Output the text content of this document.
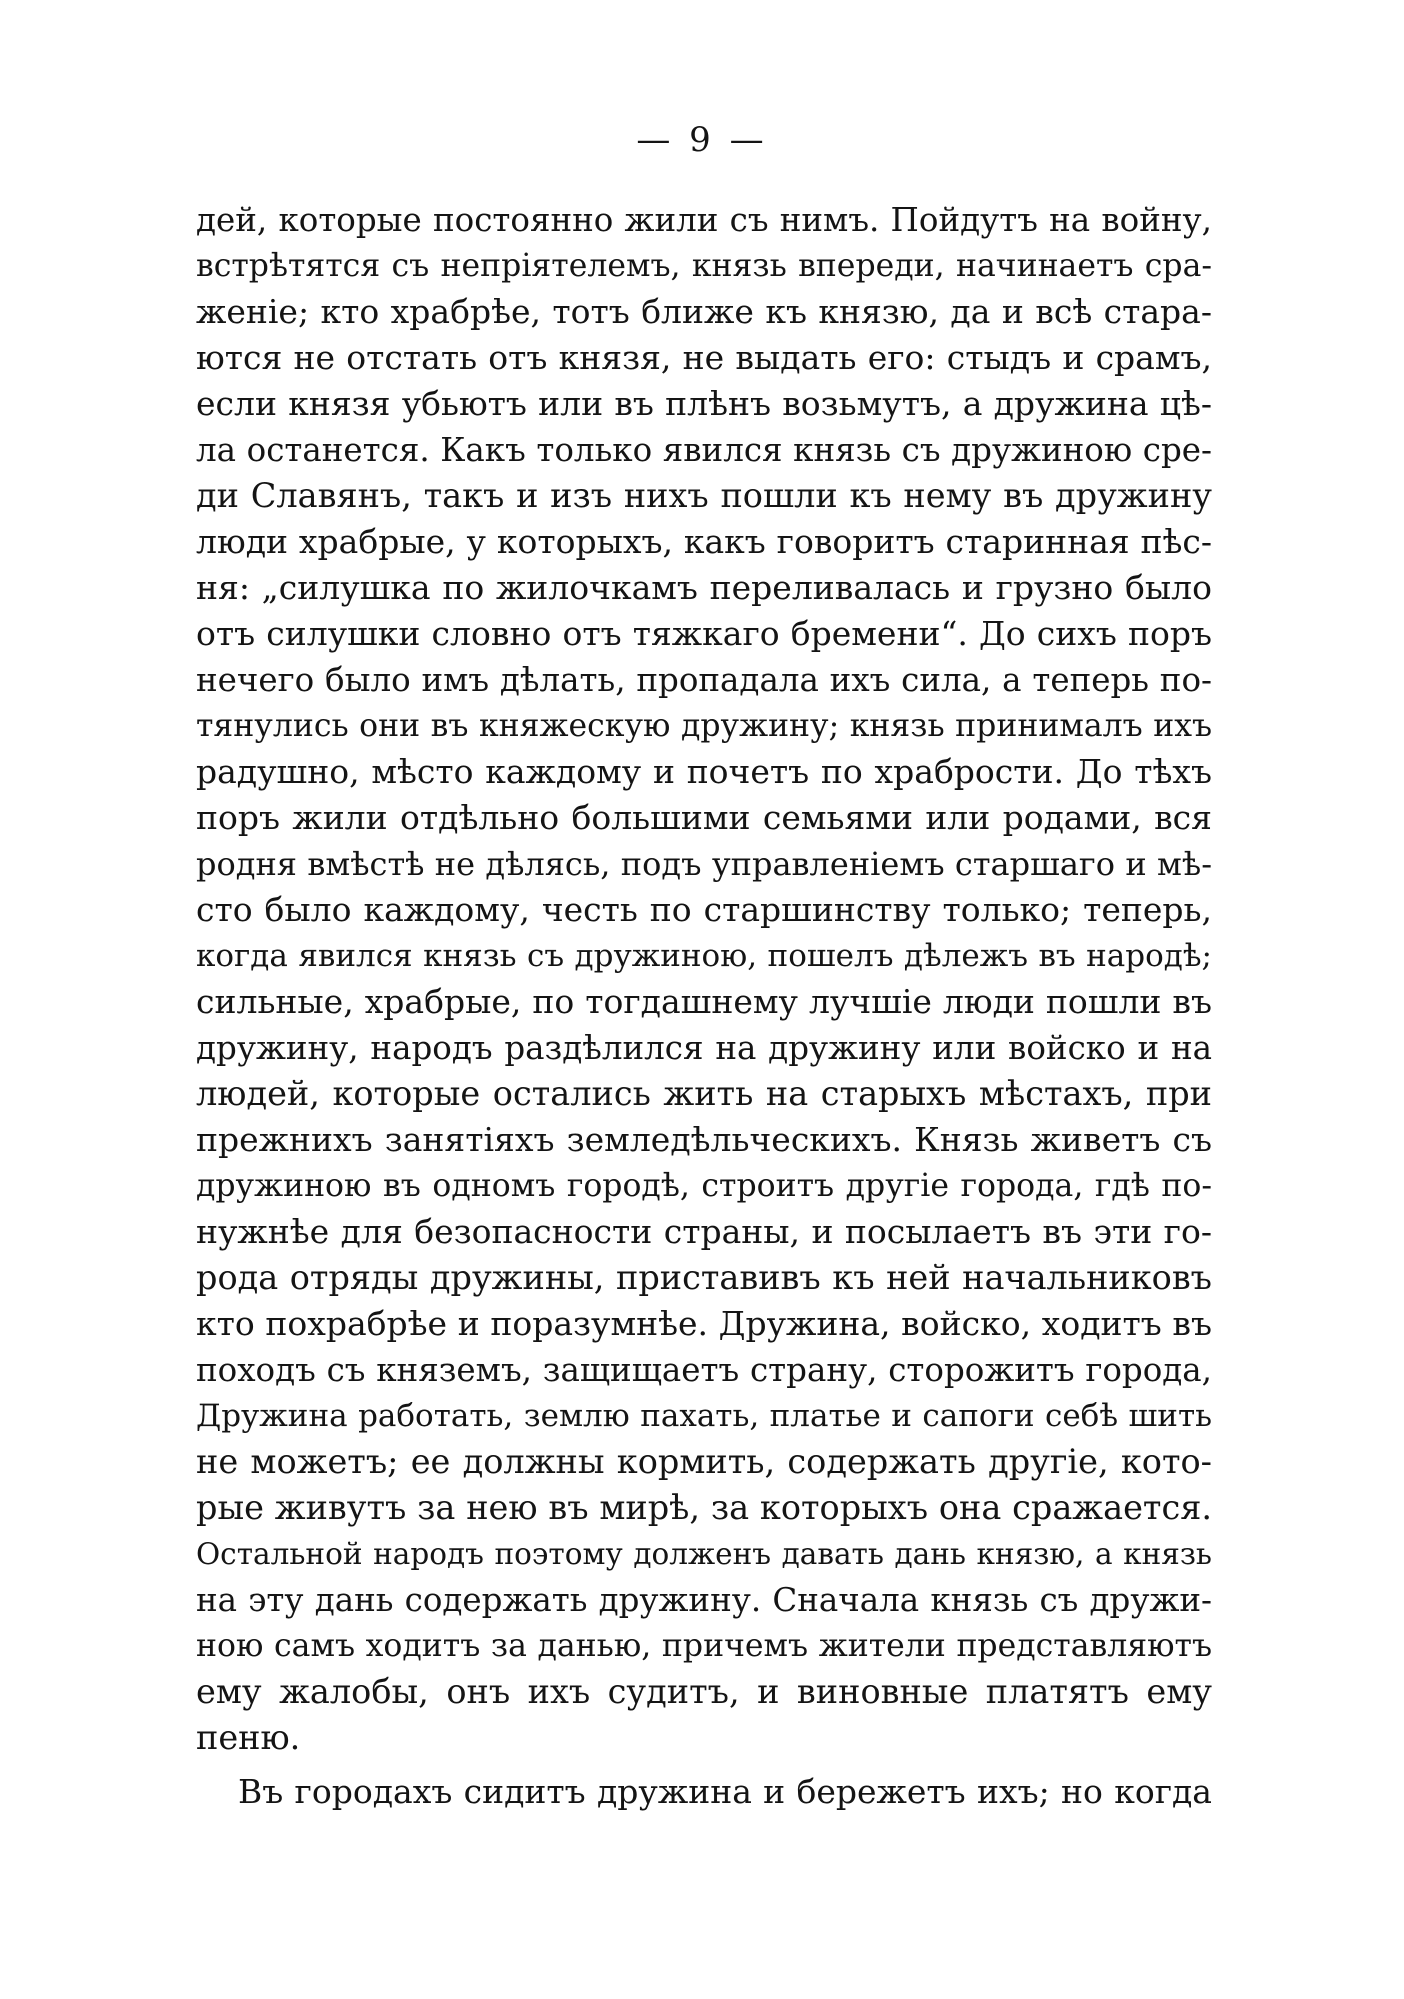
— 9 —
дей, которые постоянно жили съ нимъ. Пойдутъ на войну,
встрѣтятся съ непріятелемъ, князь впереди, начинаетъ сра-
женіе; кто храбрѣе, тотъ ближе къ князю, да и всѣ стара-
ются не отстать отъ князя, не выдать его: стыдъ и срамъ,
если князя убьютъ или въ плѣнъ возьмутъ, а дружина цѣ-
ла останется. Какъ только явился князь съ дружиною сре-
ди Славянъ, такъ и изъ нихъ пошли къ нему въ дружину
люди храбрые, у которыхъ, какъ говоритъ старинная пѣс-
ня: „силушка по жилочкамъ переливалась и грузно было
отъ силушки словно отъ тяжкаго бремени“. До сихъ поръ
нечего было имъ дѣлать, пропадала ихъ сила, а теперь по-
тянулись они въ княжескую дружину; князь принималъ ихъ
радушно, мѣсто каждому и почетъ по храбрости. До тѣхъ
поръ жили отдѣльно большими семьями или родами, вся
родня вмѣстѣ не дѣлясь, подъ управленіемъ старшаго и мѣ-
сто было каждому, честь по старшинству только; теперь,
когда явился князь съ дружиною, пошелъ дѣлежъ въ народѣ;
сильные, храбрые, по тогдашнему лучшіе люди пошли въ
дружину, народъ раздѣлился на дружину или войско и на
людей, которые остались жить на старыхъ мѣстахъ, при
прежнихъ занятіяхъ земледѣльческихъ. Князь живетъ съ
дружиною въ одномъ городѣ, строитъ другіе города, гдѣ по-
нужнѣе для безопасности страны, и посылаетъ въ эти го-
рода отряды дружины, приставивъ къ ней начальниковъ
кто похрабрѣе и поразумнѣе. Дружина, войско, ходитъ въ
походъ съ княземъ, защищаетъ страну, сторожитъ города,
Дружина работать, землю пахать, платье и сапоги себѣ шить
не можетъ; ее должны кормить, содержать другіе, кото-
рые живутъ за нею въ мирѣ, за которыхъ она сражается.
Остальной народъ поэтому долженъ давать дань князю, а князь
на эту дань содержать дружину. Сначала князь съ дружи-
ною самъ ходитъ за данью, причемъ жители представляютъ
ему жалобы, онъ ихъ судитъ, и виновные платятъ ему
пеню.
Въ городахъ сидитъ дружина и бережетъ ихъ; но когда
